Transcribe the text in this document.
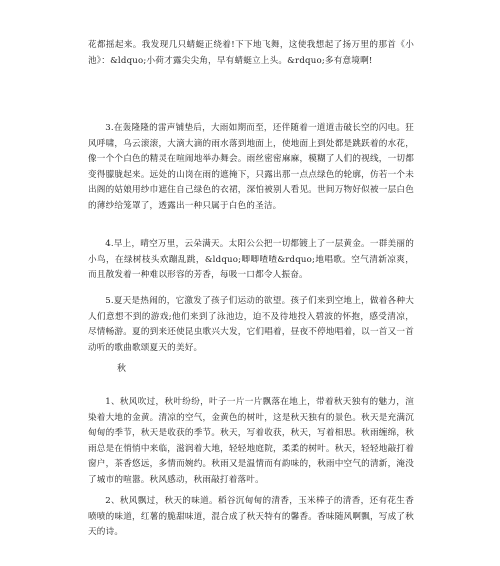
花都摇起来。我发现几只蜻蜓正绕着!下下地飞舞，这使我想起了扬万里的那首《小池》：&ldquo;小荷才露尖尖角，早有蜻蜓立上头。&rdquo;多有意境啊!

3.在轰隆隆的雷声铺垫后，大雨如期而至，还伴随着一道道击破长空的闪电。狂风呼啸，乌云滚滚，大滴大滴的雨水落到地面上，使地面上到处都是跳跃着的水花，像一个个白色的精灵在喧闹地举办舞会。雨丝密密麻麻，模糊了人们的视线，一切都变得朦胧起来。远处的山岗在雨的遮掩下，只露出那一点点绿色的轮廓，仿若一个未出阁的姑娘用纱巾遮住自己绿色的衣裙，深怕被别人看见。世间万物好似被一层白色的薄纱给笼罩了，透露出一种只属于白色的圣洁。

4.早上，晴空万里，云朵满天。太阳公公把一切都镀上了一层黄金。一群美丽的小鸟，在绿树枝头欢蹦乱跳，&ldquo;唧唧喳喳&rdquo;地唱歌。空气清新凉爽，而且散发着一种难以形容的芳香，每吸一口都令人振奋。

5.夏天是热闹的，它激发了孩子们运动的欲望。孩子们来到空地上，做着各种大人们意想不到的游戏;他们来到了泳池边，迫不及待地投入碧波的怀抱，感受清凉，尽情畅游。夏的到来还使昆虫歌兴大发，它们唱着，昼夜不停地唱着，以一首又一首动听的歌曲歌颂夏天的美好。

秋

1、秋风吹过，秋叶纷纷，叶子一片一片飘落在地上，带着秋天独有的魅力，渲染着大地的金黄。清凉的空气，金黄色的树叶，这是秋天独有的景色。秋天是充满沉甸甸的季节，秋天是收获的季节。秋天，写着收获，秋天，写着相思。秋雨缠绵，秋雨总是在悄悄中来临，滋润着大地，轻轻地庭院，柔柔的树叶。秋天，轻轻地敲打着窗户，茶香悠远，多情而婉约。秋雨又是温情而有韵味的，秋雨中空气的清新，淹没了城市的喧嚣。秋风感动，秋雨敲打着落叶。

2、秋风飘过，秋天的味道。稻谷沉甸甸的清香，玉米棒子的清香，还有花生香喷喷的味道，红薯的脆甜味道，混合成了秋天特有的馨香。香味随风啊飘，写成了秋天的诗。
